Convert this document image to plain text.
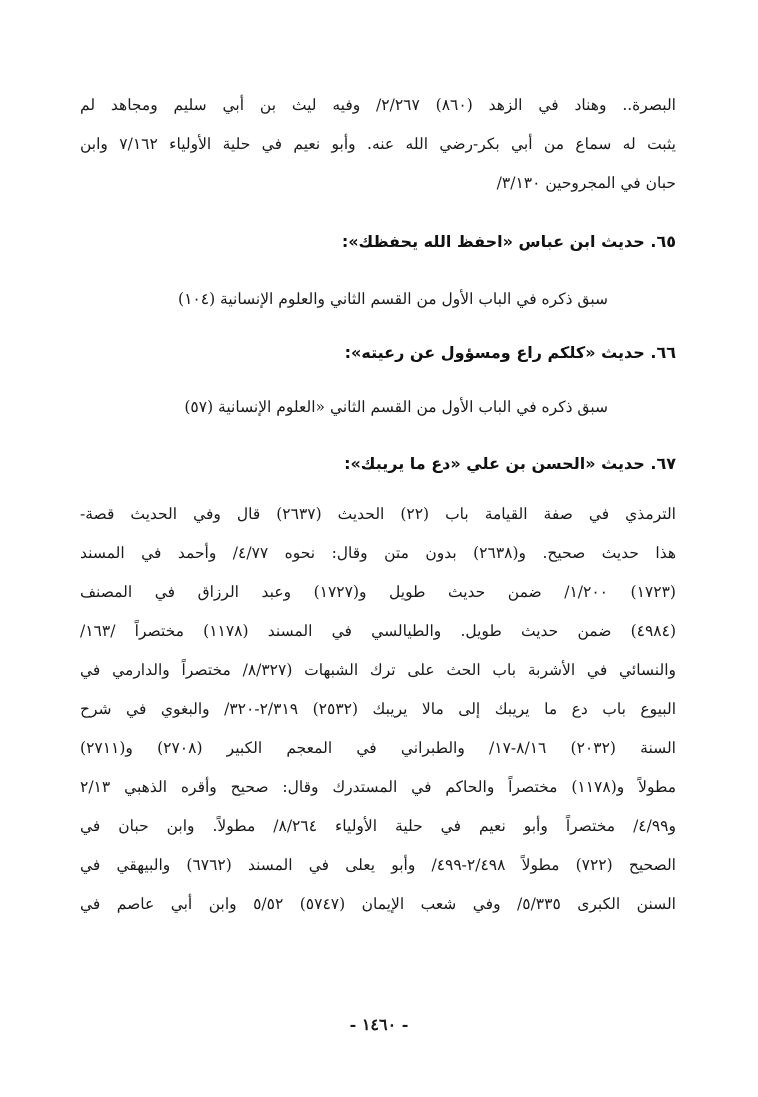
البصرة.. وهناد في الزهد (٨٦٠) ٢/٢٦٧/ وفيه ليث بن أبي سليم ومجاهد لم
يثبت له سماع من أبي بكر-رضي الله عنه. وأبو نعيم في حلية الأولياء ٧/١٦٢ وابن
حبان في المجروحين ٣/١٣٠/
٦٥. حديث ابن عباس «احفظ الله يحفظك»:
سبق ذكره في الباب الأول من القسم الثاني والعلوم الإنسانية (١٠٤)
٦٦. حديث «كلكم راع ومسؤول عن رعيته»:
سبق ذكره في الباب الأول من القسم الثاني «العلوم الإنسانية (٥٧)
٦٧. حديث «الحسن بن علي «دع ما يريبك»:
الترمذي في صفة القيامة باب (٢٢) الحديث (٢٦٣٧) قال وفي الحديث قصة-
هذا حديث صحيح. و(٢٦٣٨) بدون متن وقال: نحوه ٤/٧٧/ وأحمد في المسند
(١٧٢٣) ١/٢٠٠/ ضمن حديث طويل و(١٧٢٧) وعبد الرزاق في المصنف
(٤٩٨٤) ضمن حديث طويل. والطيالسي في المسند (١١٧٨) مختصراً /١٦٣/
والنسائي في الأشربة باب الحث على ترك الشبهات (٨/٣٢٧/ مختصراً والدارمي في
البيوع باب دع ما يريبك إلى مالا يريبك (٢٥٣٢) ٢/٣١٩-٣٢٠/ والبغوي في شرح
السنة (٢٠٣٢) ٨/١٦-١٧/ والطبراني في المعجم الكبير (٢٧٠٨) و(٢٧١١)
مطولاً و(١١٧٨) مختصراً والحاكم في المستدرك وقال: صحيح وأقره الذهبي ٢/١٣
و٤/٩٩/ مختصراً وأبو نعيم في حلية الأولياء ٨/٢٦٤/ مطولاً. وابن حبان في
الصحيح (٧٢٢) مطولاً ٢/٤٩٨-٤٩٩/ وأبو يعلى في المسند (٦٧٦٢) والبيهقي في
السنن الكبرى ٥/٣٣٥/ وفي شعب الإيمان (٥٧٤٧) ٥/٥٢ وابن أبي عاصم في
- ١٤٦٠ -
